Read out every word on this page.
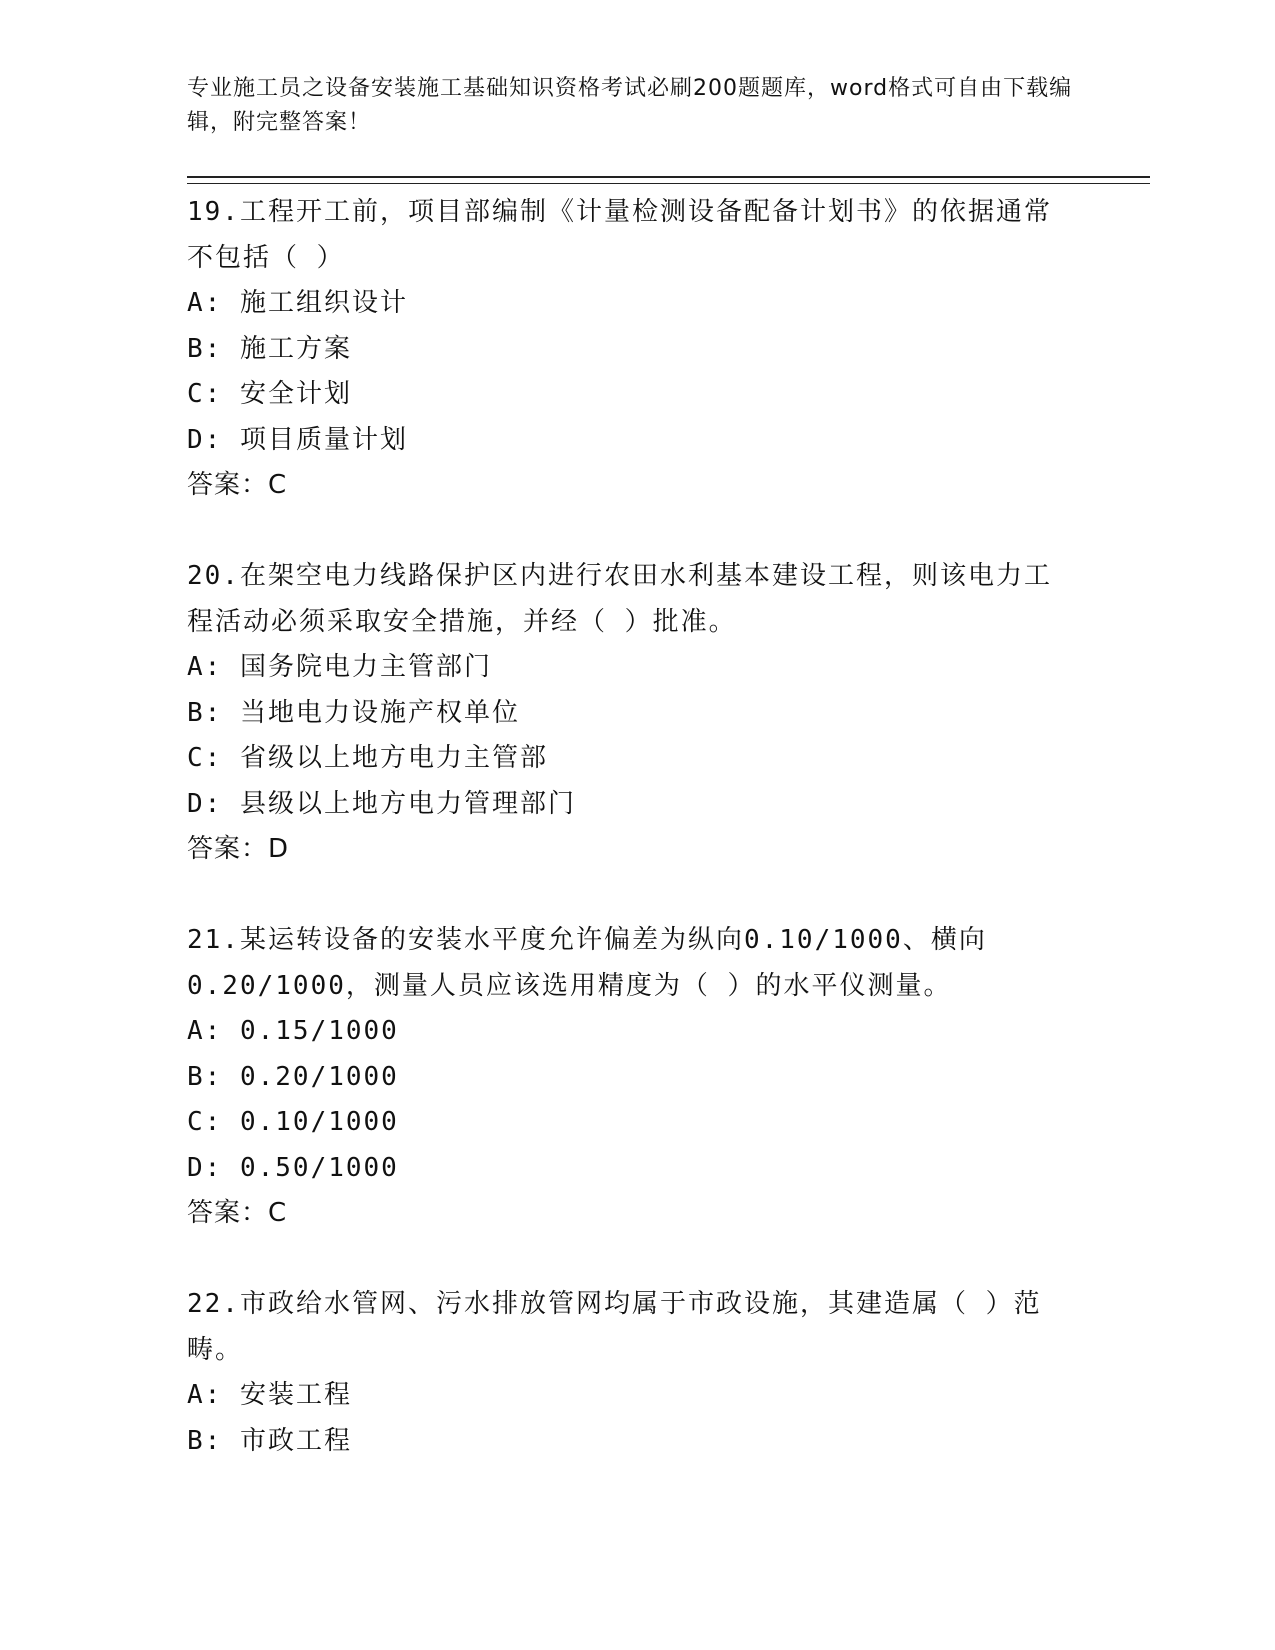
专业施工员之设备安装施工基础知识资格考试必刷200题题库，word格式可自由下载编辑，附完整答案！
19.工程开工前，项目部编制《计量检测设备配备计划书》的依据通常不包括（ ）
A: 施工组织设计
B: 施工方案
C: 安全计划
D: 项目质量计划
答案：C
20.在架空电力线路保护区内进行农田水利基本建设工程，则该电力工程活动必须采取安全措施，并经（ ）批准。
A: 国务院电力主管部门
B: 当地电力设施产权单位
C: 省级以上地方电力主管部
D: 县级以上地方电力管理部门
答案：D
21.某运转设备的安装水平度允许偏差为纵向0.10/1000、横向0.20/1000，测量人员应该选用精度为（ ）的水平仪测量。
A: 0.15/1000
B: 0.20/1000
C: 0.10/1000
D: 0.50/1000
答案：C
22.市政给水管网、污水排放管网均属于市政设施，其建造属（ ）范畴。
A: 安装工程
B: 市政工程
